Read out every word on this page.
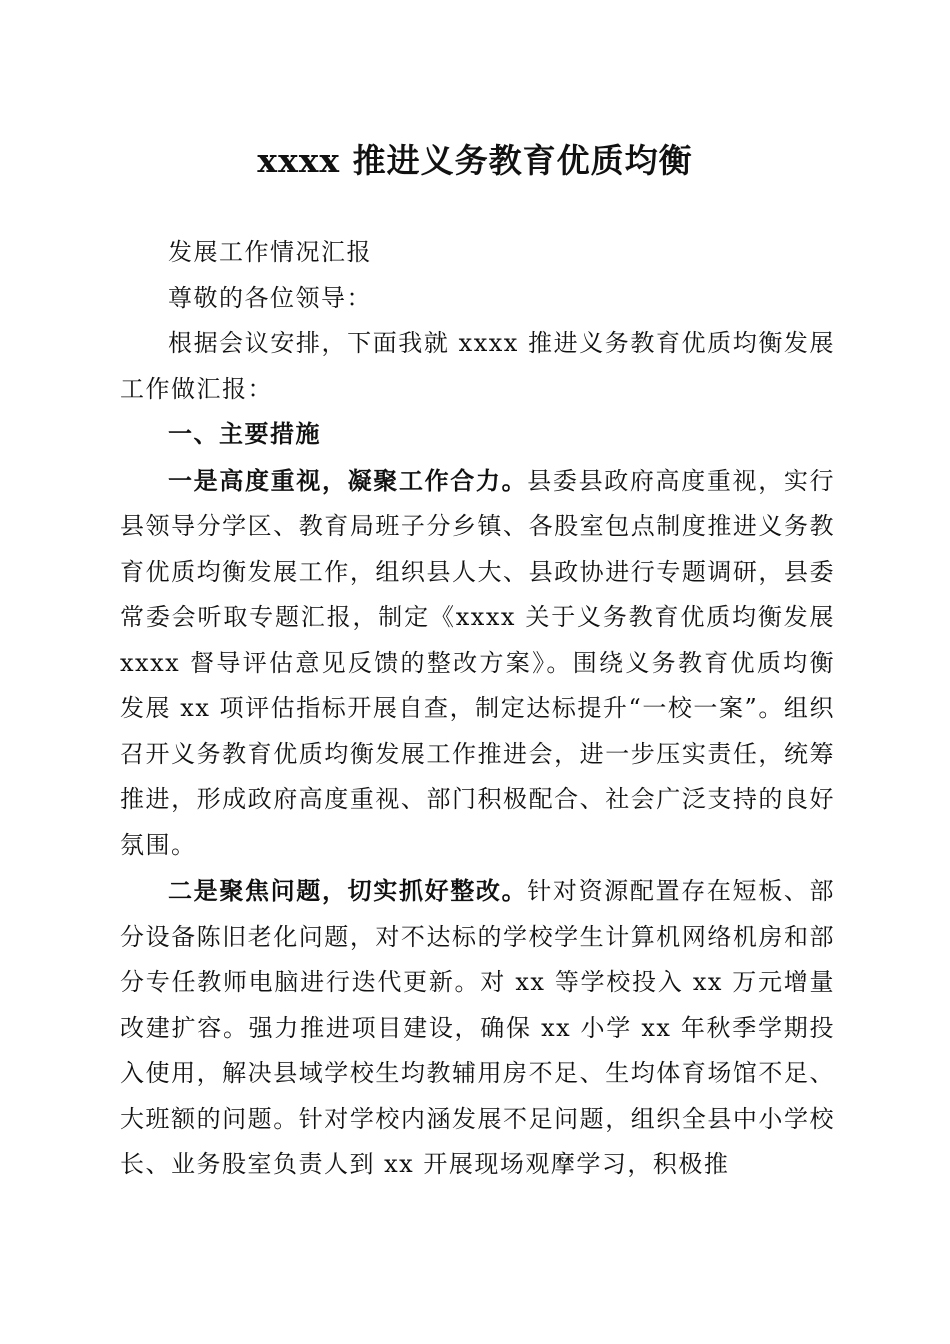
xxxx 推进义务教育优质均衡

发展工作情况汇报

尊敬的各位领导：

根据会议安排，下面我就 xxxx 推进义务教育优质均衡发展工作做汇报：

一、主要措施

一是高度重视，凝聚工作合力。县委县政府高度重视，实行县领导分学区、教育局班子分乡镇、各股室包点制度推进义务教育优质均衡发展工作，组织县人大、县政协进行专题调研，县委常委会听取专题汇报，制定《xxxx 关于义务教育优质均衡发展 xxxx 督导评估意见反馈的整改方案》。围绕义务教育优质均衡发展 xx 项评估指标开展自查，制定达标提升“一校一案”。组织召开义务教育优质均衡发展工作推进会，进一步压实责任，统筹推进，形成政府高度重视、部门积极配合、社会广泛支持的良好氛围。

二是聚焦问题，切实抓好整改。针对资源配置存在短板、部分设备陈旧老化问题，对不达标的学校学生计算机网络机房和部分专任教师电脑进行迭代更新。对 xx 等学校投入 xx 万元增量改建扩容。强力推进项目建设，确保 xx 小学 xx 年秋季学期投入使用，解决县域学校生均教辅用房不足、生均体育场馆不足、大班额的问题。针对学校内涵发展不足问题，组织全县中小学校长、业务股室负责人到 xx 开展现场观摩学习，积极推
